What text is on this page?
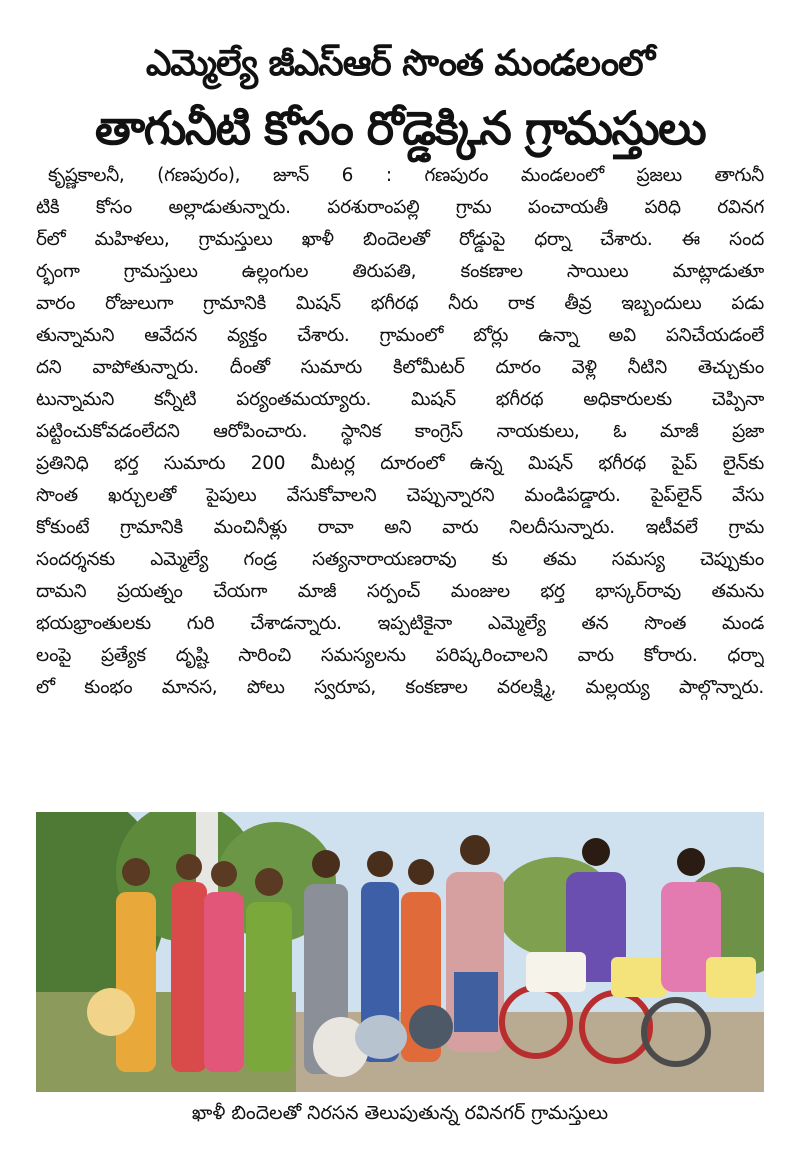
ఎమ్మెల్యే జీఎస్ఆర్ సొంత మండలంలో
తాగునీటి కోసం రోడ్డెక్కిన గ్రామస్తులు
కృష్ణకాలనీ, (గణపురం), జూన్ 6 : గణపురం మండలంలో ప్రజలు తాగునీ
టికి కోసం అల్లాడుతున్నారు. పరశురాంపల్లి గ్రామ పంచాయతీ పరిధి రవినగ
ర్‌లో మహిళలు, గ్రామస్తులు ఖాళీ బిందెలతో రోడ్డుపై ధర్నా చేశారు. ఈ సంద
ర్భంగా గ్రామస్తులు ఉల్లంగుల తిరుపతి, కంకణాల సాయిలు మాట్లాడుతూ
వారం రోజులుగా గ్రామానికి మిషన్ భగీరథ నీరు రాక తీవ్ర ఇబ్బందులు పడు
తున్నామని ఆవేదన వ్యక్తం చేశారు. గ్రామంలో బోర్లు ఉన్నా అవి పనిచేయడంలే
దని వాపోతున్నారు. దీంతో సుమారు కిలోమీటర్ దూరం వెళ్లి నీటిని తెచ్చుకుం
టున్నామని కన్నీటి పర్యంతమయ్యారు. మిషన్ భగీరథ అధికారులకు చెప్పినా
పట్టించుకోవడంలేదని ఆరోపించారు. స్థానిక కాంగ్రెస్ నాయకులు, ఓ మాజీ ప్రజా
ప్రతినిధి భర్త సుమారు 200 మీటర్ల దూరంలో ఉన్న మిషన్ భగీరథ పైప్ లైన్‌కు
సొంత ఖర్చులతో పైపులు వేసుకోవాలని చెప్పున్నారని మండిపడ్డారు. పైప్‌లైన్ వేసు
కోకుంటే గ్రామానికి మంచినీళ్లు రావా అని వారు నిలదీసున్నారు. ఇటీవలే గ్రామ
సందర్శనకు ఎమ్మెల్యే గండ్ర సత్యనారాయణరావు కు తమ సమస్య చెప్పుకుం
దామని ప్రయత్నం చేయగా మాజీ సర్పంచ్ మంజుల భర్త భాస్కర్‌రావు తమను
భయభ్రాంతులకు గురి చేశాడన్నారు. ఇప్పటికైనా ఎమ్మెల్యే తన సొంత మండ
లంపై ప్రత్యేక దృష్టి సారించి సమస్యలను పరిష్కరించాలని వారు కోరారు. ధర్నా
లో కుంభం మానస, పోలు స్వరూప, కంకణాల వరలక్ష్మి, మల్లయ్య పాల్గొన్నారు.
ఖాళీ బిందెలతో నిరసన తెలుపుతున్న రవినగర్ గ్రామస్తులు
